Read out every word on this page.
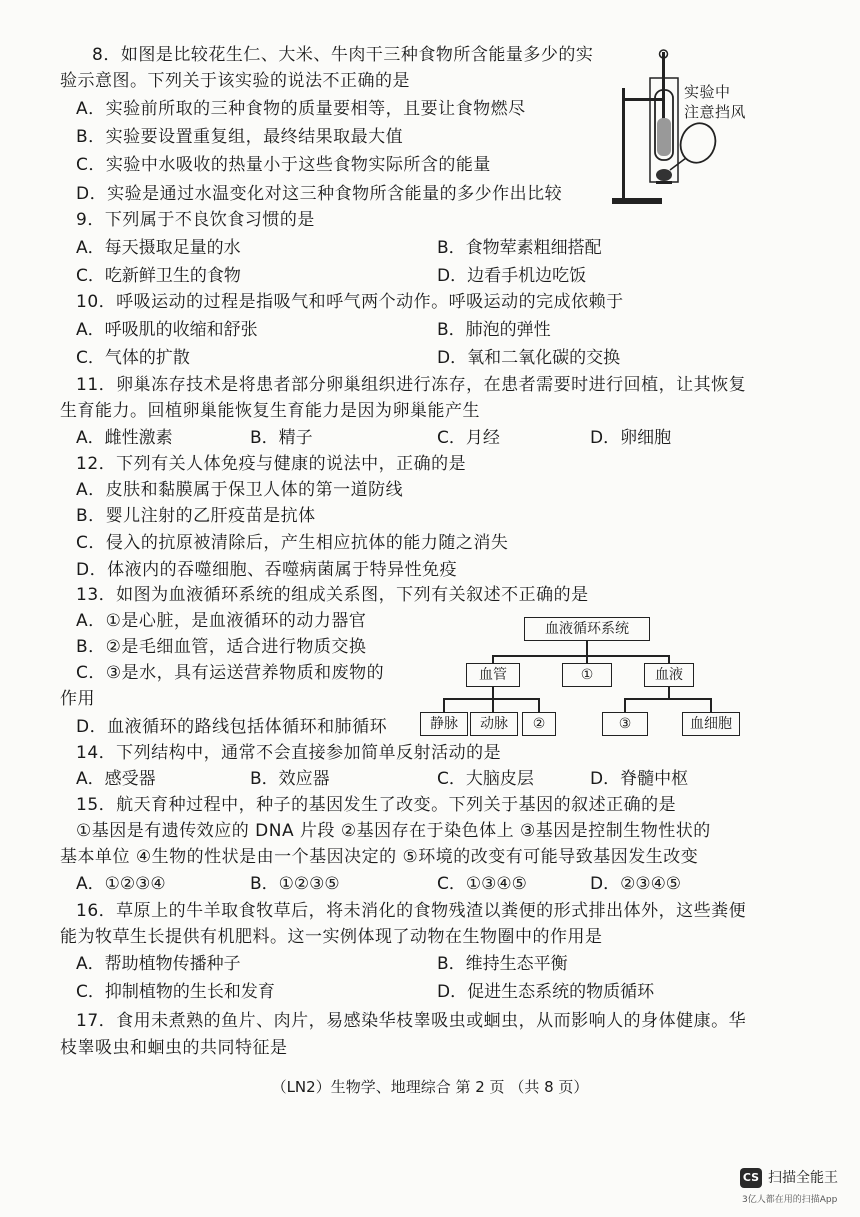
8．如图是比较花生仁、大米、牛肉干三种食物所含能量多少的实
验示意图。下列关于该实验的说法不正确的是
A．实验前所取的三种食物的质量要相等，且要让食物燃尽
B．实验要设置重复组，最终结果取最大值
C．实验中水吸收的热量小于这些食物实际所含的能量
D．实验是通过水温变化对这三种食物所含能量的多少作出比较
实验中
注意挡风
9．下列属于不良饮食习惯的是
A．每天摄取足量的水	B．食物荤素粗细搭配
C．吃新鲜卫生的食物	D．边看手机边吃饭
10．呼吸运动的过程是指吸气和呼气两个动作。呼吸运动的完成依赖于
A．呼吸肌的收缩和舒张	B．肺泡的弹性
C．气体的扩散	D．氧和二氧化碳的交换
11．卵巢冻存技术是将患者部分卵巢组织进行冻存，在患者需要时进行回植，让其恢复
生育能力。回植卵巢能恢复生育能力是因为卵巢能产生
A．雌性激素	B．精子	C．月经	D．卵细胞
12．下列有关人体免疫与健康的说法中，正确的是
A．皮肤和黏膜属于保卫人体的第一道防线
B．婴儿注射的乙肝疫苗是抗体
C．侵入的抗原被清除后，产生相应抗体的能力随之消失
D．体液内的吞噬细胞、吞噬病菌属于特异性免疫
13．如图为血液循环系统的组成关系图，下列有关叙述不正确的是
A．①是心脏，是血液循环的动力器官
B．②是毛细血管，适合进行物质交换
C．③是水，具有运送营养物质和废物的
作用
D．血液循环的路线包括体循环和肺循环
血液循环系统
血管	①	血液
静脉	动脉	②	③	血细胞
14．下列结构中，通常不会直接参加简单反射活动的是
A．感受器	B．效应器	C．大脑皮层	D．脊髓中枢
15．航天育种过程中，种子的基因发生了改变。下列关于基因的叙述正确的是
①基因是有遗传效应的 DNA 片段 ②基因存在于染色体上 ③基因是控制生物性状的
基本单位 ④生物的性状是由一个基因决定的 ⑤环境的改变有可能导致基因发生改变
A．①②③④	B．①②③⑤	C．①③④⑤	D．②③④⑤
16．草原上的牛羊取食牧草后，将未消化的食物残渣以粪便的形式排出体外，这些粪便
能为牧草生长提供有机肥料。这一实例体现了动物在生物圈中的作用是
A．帮助植物传播种子	B．维持生态平衡
C．抑制植物的生长和发育	D．促进生态系统的物质循环
17．食用未煮熟的鱼片、肉片，易感染华枝睾吸虫或蛔虫，从而影响人的身体健康。华
枝睾吸虫和蛔虫的共同特征是
（LN2）生物学、地理综合 第 2 页 （共 8 页）
CS 扫描全能王
3亿人都在用的扫描App
